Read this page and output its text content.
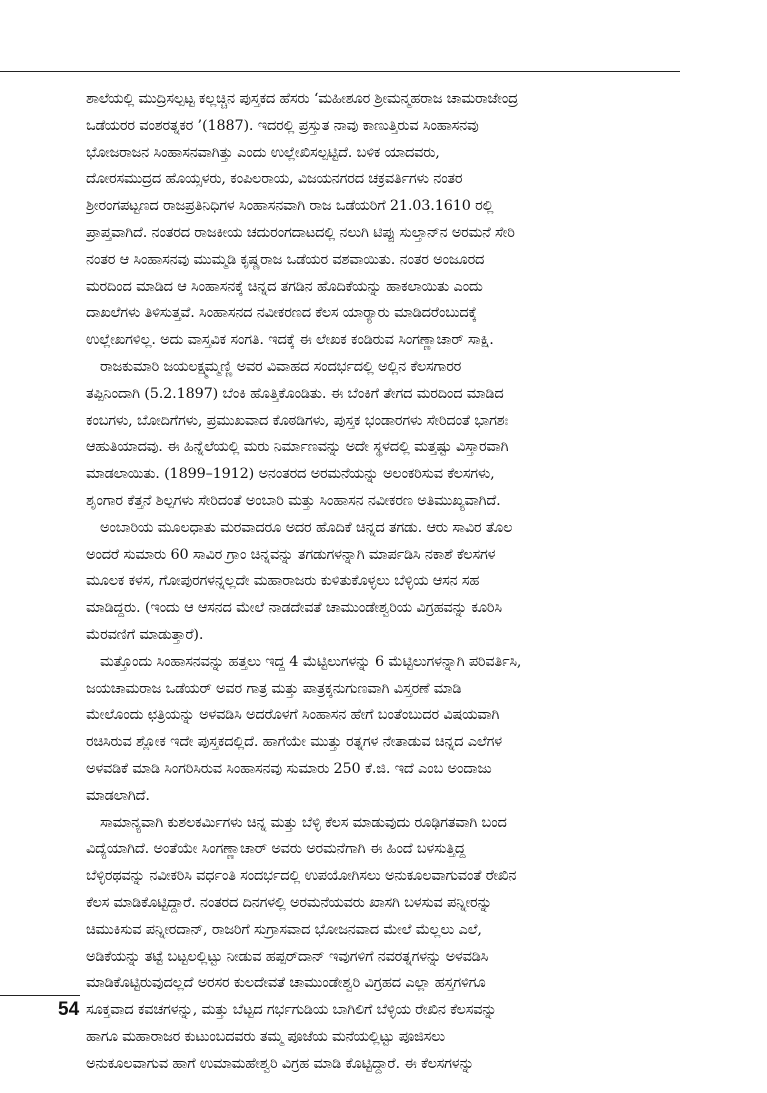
ಶಾಲೆಯಲ್ಲಿ ಮುದ್ರಿಸಲ್ಪಟ್ಟ ಕಲ್ಲಚ್ಚಿನ ಪುಸ್ತಕದ ಹೆಸರು ‘ಮಹೀಶೂರ ಶ್ರೀಮನ್ಮಹರಾಜ ಚಾಮರಾಜೇಂದ್ರ
ಒಡೆಯರರ ವಂಶರತ್ನಕರ ’(1887). ಇದರಲ್ಲಿ ಪ್ರಸ್ತುತ ನಾವು ಕಾಣುತ್ತಿರುವ ಸಿಂಹಾಸನವು
ಭೋಜರಾಜನ ಸಿಂಹಾಸನವಾಗಿತ್ತು ಎಂದು ಉಲ್ಲೇಖಿಸಲ್ಪಟ್ಟಿದೆ. ಬಳಿಕ ಯಾದವರು,
ದೋರಸಮುದ್ರದ ಹೊಯ್ಸಳರು, ಕಂಪಿಲರಾಯ, ವಿಜಯನಗರದ ಚಕ್ರವರ್ತಿಗಳು ನಂತರ
ಶ್ರೀರಂಗಪಟ್ಟಣದ ರಾಜಪ್ರತಿನಿಧಿಗಳ ಸಿಂಹಾಸನವಾಗಿ ರಾಜ ಒಡೆಯರಿಗೆ 21.03.1610 ರಲ್ಲಿ
ಪ್ರಾಪ್ತವಾಗಿದೆ. ನಂತರದ ರಾಜಕೀಯ ಚದುರಂಗದಾಟದಲ್ಲಿ ನಲುಗಿ ಟಿಪ್ಪು ಸುಲ್ತಾನ್‌ನ ಅರಮನೆ ಸೇರಿ
ನಂತರ ಆ ಸಿಂಹಾಸನವು ಮುಮ್ಮಡಿ ಕೃಷ್ಣರಾಜ ಒಡೆಯರ ವಶವಾಯಿತು. ನಂತರ ಅಂಜೂರದ
ಮರದಿಂದ ಮಾಡಿದ ಆ ಸಿಂಹಾಸನಕ್ಕೆ ಚಿನ್ನದ ತಗಡಿನ ಹೊದಿಕೆಯನ್ನು ಹಾಕಲಾಯಿತು ಎಂದು
ದಾಖಲೆಗಳು ತಿಳಿಸುತ್ತವೆ. ಸಿಂಹಾಸನದ ನವೀಕರಣದ ಕೆಲಸ ಯಾರ್‍ಯಾರು ಮಾಡಿದರೆಂಬುದಕ್ಕೆ
ಉಲ್ಲೇಖಗಳಿಲ್ಲ. ಅದು ವಾಸ್ತವಿಕ ಸಂಗತಿ. ಇದಕ್ಕೆ ಈ ಲೇಖಕ ಕಂಡಿರುವ ಸಿಂಗಣ್ಣಾಚಾರ್ ಸಾಕ್ಷಿ.
ರಾಜಕುಮಾರಿ ಜಯಲಕ್ಷ್ಮಮ್ಮಣ್ಣಿ ಅವರ ವಿವಾಹದ ಸಂದರ್ಭದಲ್ಲಿ ಅಲ್ಲಿನ ಕೆಲಸಗಾರರ
ತಪ್ಪಿನಿಂದಾಗಿ (5.2.1897) ಬೆಂಕಿ ಹೊತ್ತಿಕೊಂಡಿತು. ಈ ಬೆಂಕಿಗೆ ತೇಗದ ಮರದಿಂದ ಮಾಡಿದ
ಕಂಬಗಳು, ಬೋದಿಗೆಗಳು, ಪ್ರಮುಖವಾದ ಕೊಠಡಿಗಳು, ಪುಸ್ತಕ ಭಂಡಾರಗಳು ಸೇರಿದಂತೆ ಭಾಗಶಃ
ಆಹುತಿಯಾದವು. ಈ ಹಿನ್ನೆಲೆಯಲ್ಲಿ ಮರು ನಿರ್ಮಾಣವನ್ನು ಅದೇ ಸ್ಥಳದಲ್ಲಿ ಮತ್ತಷ್ಟು ವಿಸ್ತಾರವಾಗಿ
ಮಾಡಲಾಯಿತು. (1899–1912) ಅನಂತರದ ಅರಮನೆಯನ್ನು ಅಲಂಕರಿಸುವ ಕೆಲಸಗಳು,
ಶೃಂಗಾರ ಕೆತ್ತನೆ ಶಿಲ್ಪಗಳು ಸೇರಿದಂತೆ ಅಂಬಾರಿ ಮತ್ತು ಸಿಂಹಾಸನ ನವೀಕರಣ ಅತಿಮುಖ್ಯವಾಗಿದೆ.
ಅಂಬಾರಿಯ ಮೂಲಧಾತು ಮರವಾದರೂ ಅದರ ಹೊದಿಕೆ ಚಿನ್ನದ ತಗಡು. ಆರು ಸಾವಿರ ತೊಲ
ಅಂದರೆ ಸುಮಾರು 60 ಸಾವಿರ ಗ್ರಾಂ ಚಿನ್ನವನ್ನು ತಗಡುಗಳನ್ನಾಗಿ ಮಾರ್ಪಡಿಸಿ ನಕಾಶೆ ಕೆಲಸಗಳ
ಮೂಲಕ ಕಳಸ, ಗೋಪುರಗಳನ್ನಲ್ಲದೇ ಮಹಾರಾಜರು ಕುಳಿತುಕೊಳ್ಳಲು ಬೆಳ್ಳಿಯ ಆಸನ ಸಹ
ಮಾಡಿದ್ದರು. (ಇಂದು ಆ ಆಸನದ ಮೇಲೆ ನಾಡದೇವತೆ ಚಾಮುಂಡೇಶ್ವರಿಯ ವಿಗ್ರಹವನ್ನು ಕೂರಿಸಿ
ಮೆರವಣಿಗೆ ಮಾಡುತ್ತಾರೆ).
ಮತ್ತೊಂದು ಸಿಂಹಾಸನವನ್ನು ಹತ್ತಲು ಇದ್ದ 4 ಮೆಟ್ಟಿಲುಗಳನ್ನು 6 ಮೆಟ್ಟಿಲುಗಳನ್ನಾಗಿ ಪರಿವರ್ತಿಸಿ,
ಜಯಚಾಮರಾಜ ಒಡೆಯರ್ ಅವರ ಗಾತ್ರ ಮತ್ತು ಪಾತ್ರಕ್ಕನುಗುಣವಾಗಿ ವಿಸ್ತರಣೆ ಮಾಡಿ
ಮೇಲೊಂದು ಛತ್ರಿಯನ್ನು ಅಳವಡಿಸಿ ಅದರೊಳಗೆ ಸಿಂಹಾಸನ ಹೇಗೆ ಬಂತೆಂಬುದರ ವಿಷಯವಾಗಿ
ರಚಿಸಿರುವ ಶ್ಲೋಕ ಇದೇ ಪುಸ್ತಕದಲ್ಲಿದೆ. ಹಾಗೆಯೇ ಮುತ್ತು ರತ್ನಗಳ ನೇತಾಡುವ ಚಿನ್ನದ ಎಲೆಗಳ
ಅಳವಡಿಕೆ ಮಾಡಿ ಸಿಂಗರಿಸಿರುವ ಸಿಂಹಾಸನವು ಸುಮಾರು 250 ಕೆ.ಜಿ. ಇದೆ ಎಂಬ ಅಂದಾಜು
ಮಾಡಲಾಗಿದೆ.
ಸಾಮಾನ್ಯವಾಗಿ ಕುಶಲಕರ್ಮಿಗಳು ಚಿನ್ನ ಮತ್ತು ಬೆಳ್ಳಿ ಕೆಲಸ ಮಾಡುವುದು ರೂಢಿಗತವಾಗಿ ಬಂದ
ವಿದ್ಯೆಯಾಗಿದೆ. ಅಂತೆಯೇ ಸಿಂಗಣ್ಣಾಚಾರ್ ಅವರು ಅರಮನೆಗಾಗಿ ಈ ಹಿಂದೆ ಬಳಸುತ್ತಿದ್ದ
ಬೆಳ್ಳಿರಥವನ್ನು ನವೀಕರಿಸಿ ವರ್ಧಂತಿ ಸಂದರ್ಭದಲ್ಲಿ ಉಪಯೋಗಿಸಲು ಅನುಕೂಲವಾಗುವಂತೆ ರೇಖಿನ
ಕೆಲಸ ಮಾಡಿಕೊಟ್ಟಿದ್ದಾರೆ. ನಂತರದ ದಿನಗಳಲ್ಲಿ ಅರಮನೆಯವರು ಖಾಸಗಿ ಬಳಸುವ ಪನ್ನೀರನ್ನು
ಚಿಮುಕಿಸುವ ಪನ್ನೀರದಾನ್, ರಾಜರಿಗೆ ಸುಗ್ರಾಸವಾದ ಭೋಜನವಾದ ಮೇಲೆ ಮೆಲ್ಲಲು ಎಲೆ,
ಅಡಿಕೆಯನ್ನು ತಟ್ಟೆ ಬಟ್ಟಲಲ್ಲಿಟ್ಟು ನೀಡುವ ಹಪ್ಪರ್‌ದಾನ್ ಇವುಗಳಿಗೆ ನವರತ್ನಗಳನ್ನು ಅಳವಡಿಸಿ
ಮಾಡಿಕೊಟ್ಟಿರುವುದಲ್ಲದೆ ಅರಸರ ಕುಲದೇವತೆ ಚಾಮುಂಡೇಶ್ವರಿ ವಿಗ್ರಹದ ಎಲ್ಲಾ ಹಸ್ತಗಳಿಗೂ
ಸೂಕ್ತವಾದ ಕವಚಗಳನ್ನು, ಮತ್ತು ಬೆಟ್ಟದ ಗರ್ಭಗುಡಿಯ ಬಾಗಿಲಿಗೆ ಬೆಳ್ಳಿಯ ರೇಖಿನ ಕೆಲಸವನ್ನು
ಹಾಗೂ ಮಹಾರಾಜರ ಕುಟುಂಬದವರು ತಮ್ಮ ಪೂಜೆಯ ಮನೆಯಲ್ಲಿಟ್ಟು ಪೂಜಿಸಲು
ಅನುಕೂಲವಾಗುವ ಹಾಗೆ ಉಮಾಮಹೇಶ್ವರಿ ವಿಗ್ರಹ ಮಾಡಿ ಕೊಟ್ಟಿದ್ದಾರೆ. ಈ ಕೆಲಸಗಳನ್ನು
54
